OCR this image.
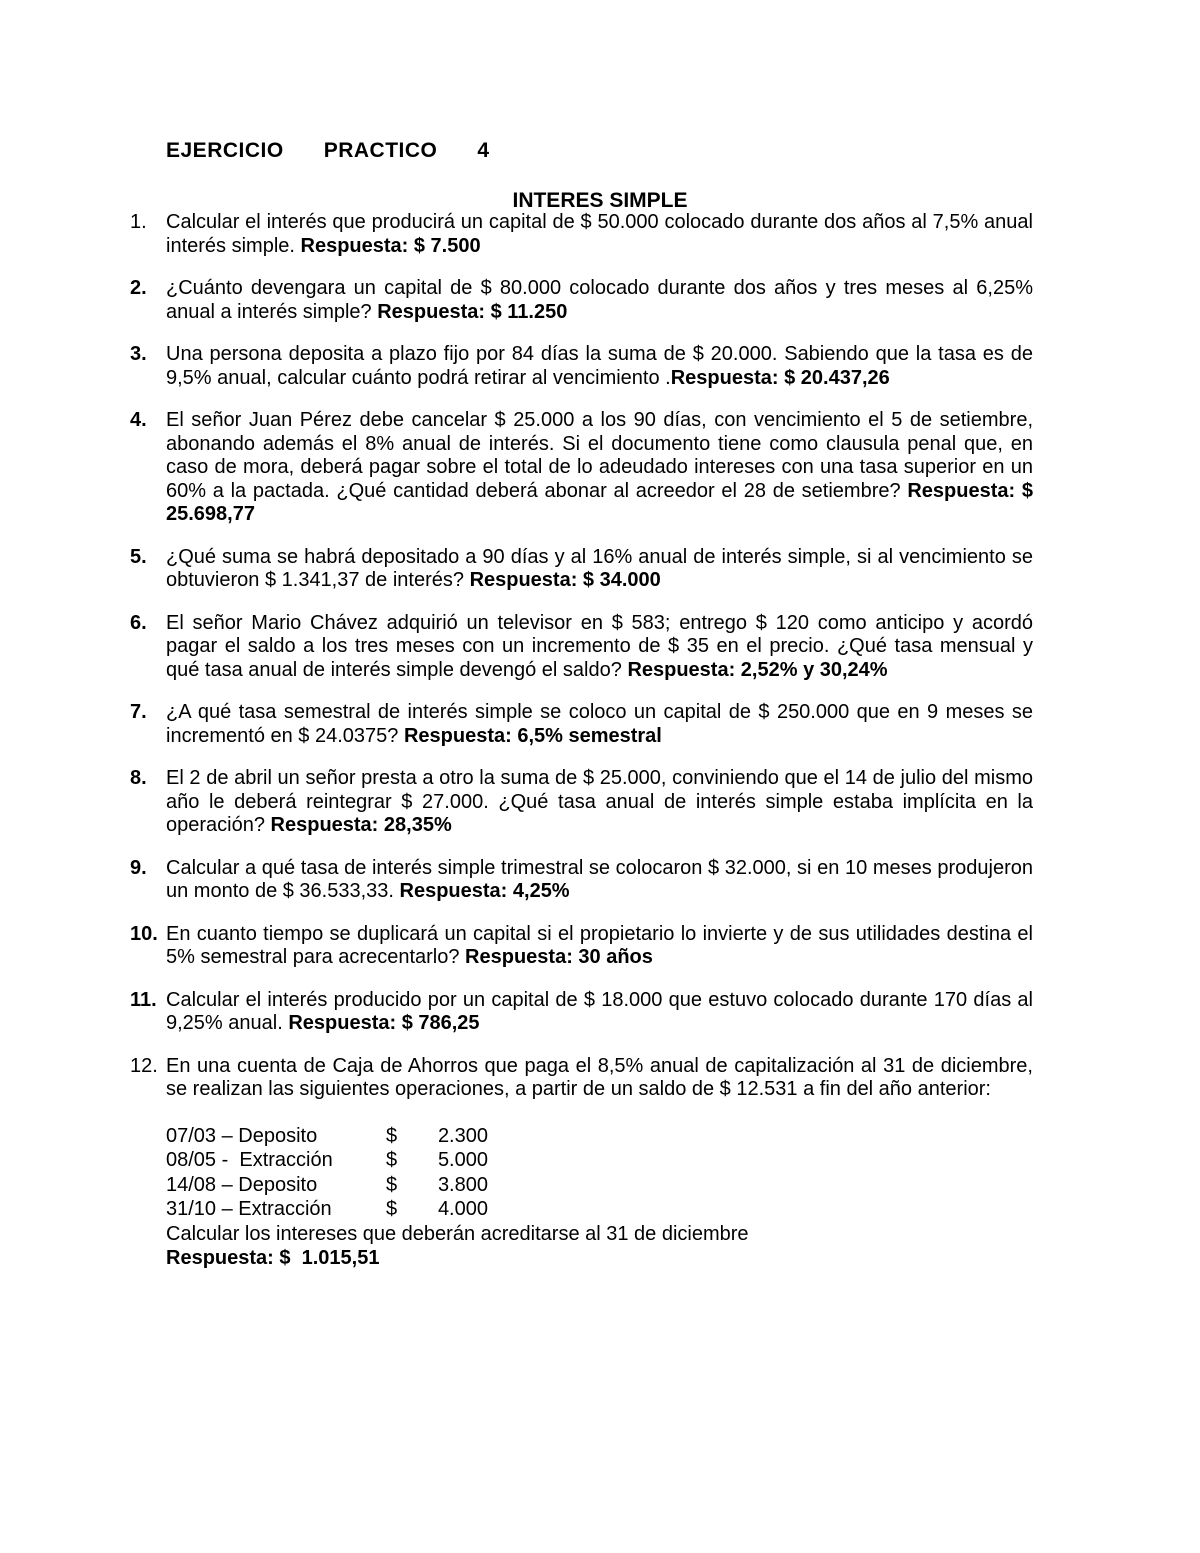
EJERCICIO   PRACTICO   4
INTERES SIMPLE
1. Calcular el interés que producirá un capital de $ 50.000 colocado durante dos años al 7,5% anual interés simple. Respuesta: $ 7.500
2. ¿Cuánto devengara un capital de $ 80.000 colocado durante dos años y tres meses al 6,25% anual a interés simple? Respuesta: $ 11.250
3. Una persona deposita a plazo fijo por 84 días la suma de $ 20.000. Sabiendo que la tasa es de 9,5% anual, calcular cuánto podrá retirar al vencimiento .Respuesta: $ 20.437,26
4. El señor Juan Pérez debe cancelar $ 25.000 a los 90 días, con vencimiento el 5 de setiembre, abonando además el 8% anual de interés. Si el documento tiene como clausula penal que, en caso de mora, deberá pagar sobre el total de lo adeudado intereses con una tasa superior en un 60% a la pactada. ¿Qué cantidad deberá abonar al acreedor el 28 de setiembre? Respuesta: $ 25.698,77
5. ¿Qué suma se habrá depositado a 90 días y al 16% anual de interés simple, si al vencimiento se obtuvieron $ 1.341,37 de interés? Respuesta: $ 34.000
6. El señor Mario Chávez adquirió un televisor en $ 583; entrego $ 120 como anticipo y acordó pagar el saldo a los tres meses con un incremento de $ 35 en el precio. ¿Qué tasa mensual y qué tasa anual de interés simple devengó el saldo? Respuesta: 2,52% y 30,24%
7. ¿A qué tasa semestral de interés simple se coloco un capital de $ 250.000 que en 9 meses se incrementó en $ 24.0375? Respuesta: 6,5% semestral
8. El 2 de abril un señor presta a otro la suma de $ 25.000, conviniendo que el 14 de julio del mismo año le deberá reintegrar $ 27.000. ¿Qué tasa anual de interés simple estaba implícita en la operación? Respuesta: 28,35%
9. Calcular a qué tasa de interés simple trimestral se colocaron $ 32.000, si en 10 meses produjeron un monto de $ 36.533,33. Respuesta: 4,25%
10. En cuanto tiempo se duplicará un capital si el propietario lo invierte y de sus utilidades destina el 5% semestral para acrecentarlo? Respuesta: 30 años
11. Calcular el interés producido por un capital de $ 18.000 que estuvo colocado durante 170 días al 9,25% anual. Respuesta: $ 786,25
12. En una cuenta de Caja de Ahorros que paga el 8,5% anual de capitalización al 31 de diciembre, se realizan las siguientes operaciones, a partir de un saldo de $ 12.531 a fin del año anterior:
07/03 – Deposito	$	2.300
08/05 -  Extracción	$	5.000
14/08 – Deposito	$	3.800
31/10 – Extracción	$	4.000
Calcular los intereses que deberán acreditarse al 31 de diciembre
Respuesta: $  1.015,51
